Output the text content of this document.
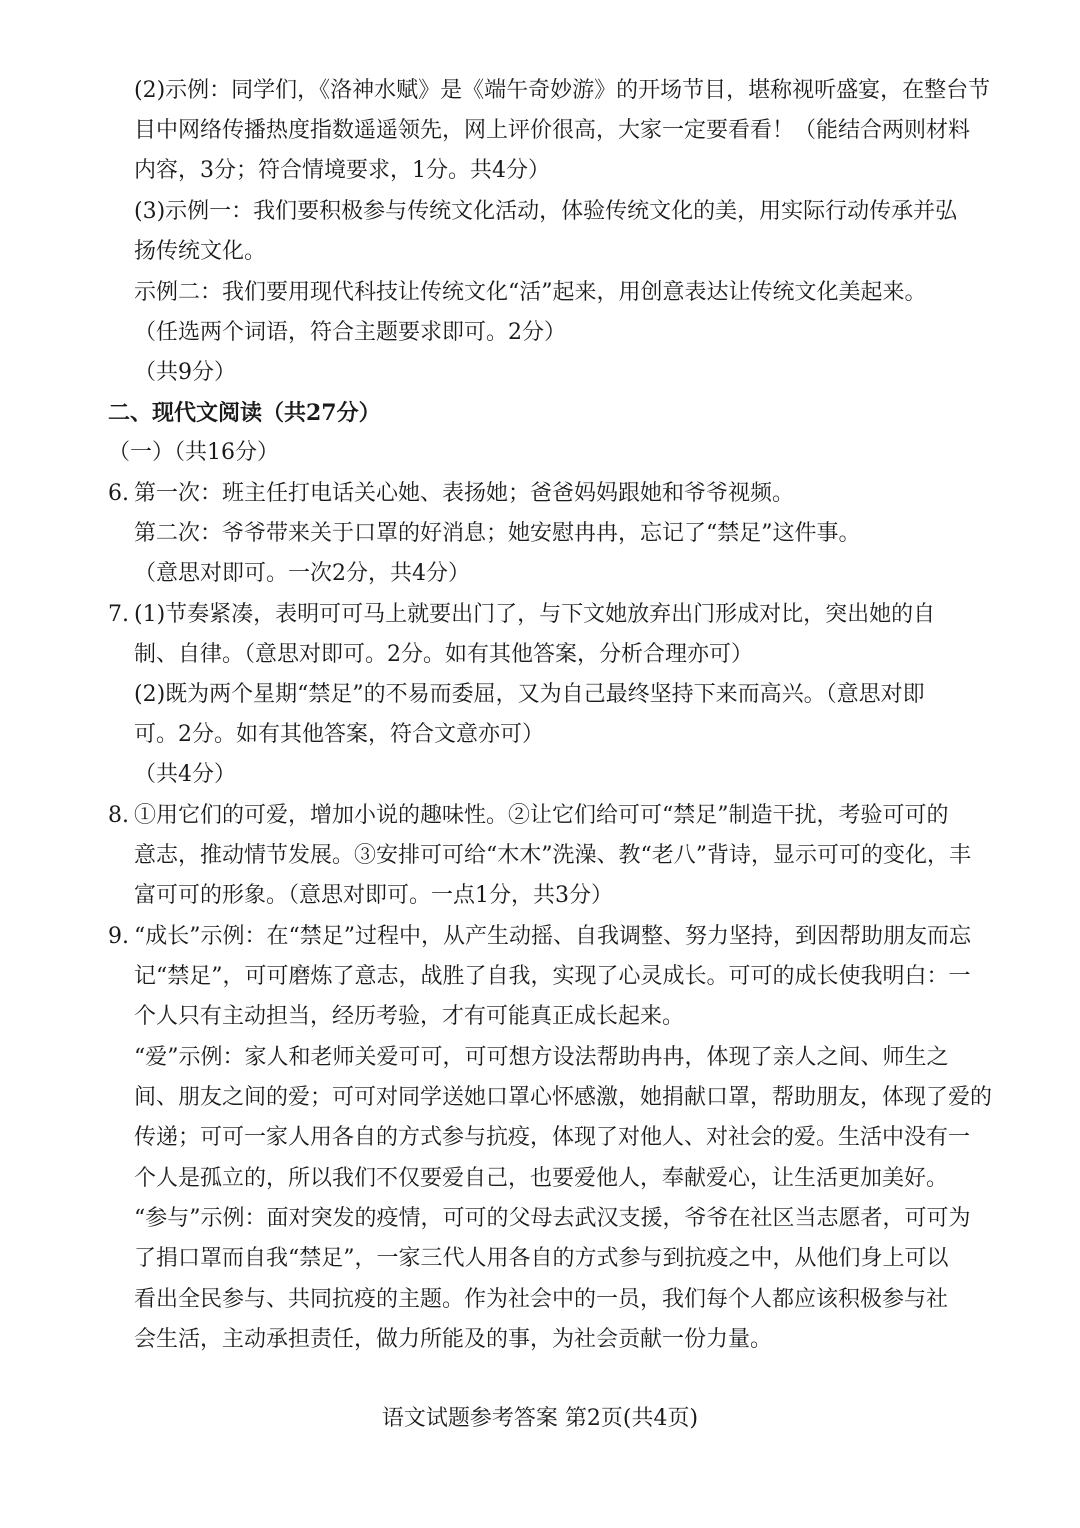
(2)示例：同学们，《洛神水赋》是《端午奇妙游》的开场节目，堪称视听盛宴，在整台节
目中网络传播热度指数遥遥领先，网上评价很高，大家一定要看看！（能结合两则材料
内容，3分；符合情境要求，1分。共4分）
(3)示例一：我们要积极参与传统文化活动，体验传统文化的美，用实际行动传承并弘
扬传统文化。
示例二：我们要用现代科技让传统文化“活”起来，用创意表达让传统文化美起来。
（任选两个词语，符合主题要求即可。2分）
（共9分）
二、现代文阅读（共27分）
（一）（共16分）
6. 第一次：班主任打电话关心她、表扬她；爸爸妈妈跟她和爷爷视频。
第二次：爷爷带来关于口罩的好消息；她安慰冉冉，忘记了“禁足”这件事。
（意思对即可。一次2分，共4分）
7. (1)节奏紧凑，表明可可马上就要出门了，与下文她放弃出门形成对比，突出她的自
制、自律。（意思对即可。2分。如有其他答案，分析合理亦可）
(2)既为两个星期“禁足”的不易而委屈，又为自己最终坚持下来而高兴。（意思对即
可。2分。如有其他答案，符合文意亦可）
（共4分）
8. ①用它们的可爱，增加小说的趣味性。②让它们给可可“禁足”制造干扰，考验可可的
意志，推动情节发展。③安排可可给“木木”洗澡、教“老八”背诗，显示可可的变化，丰
富可可的形象。（意思对即可。一点1分，共3分）
9. “成长”示例：在“禁足”过程中，从产生动摇、自我调整、努力坚持，到因帮助朋友而忘
记“禁足”，可可磨炼了意志，战胜了自我，实现了心灵成长。可可的成长使我明白：一
个人只有主动担当，经历考验，才有可能真正成长起来。
“爱”示例：家人和老师关爱可可，可可想方设法帮助冉冉，体现了亲人之间、师生之
间、朋友之间的爱；可可对同学送她口罩心怀感激，她捐献口罩，帮助朋友，体现了爱的
传递；可可一家人用各自的方式参与抗疫，体现了对他人、对社会的爱。生活中没有一
个人是孤立的，所以我们不仅要爱自己，也要爱他人，奉献爱心，让生活更加美好。
“参与”示例：面对突发的疫情，可可的父母去武汉支援，爷爷在社区当志愿者，可可为
了捐口罩而自我“禁足”，一家三代人用各自的方式参与到抗疫之中，从他们身上可以
看出全民参与、共同抗疫的主题。作为社会中的一员，我们每个人都应该积极参与社
会生活，主动承担责任，做力所能及的事，为社会贡献一份力量。
语文试题参考答案 第2页(共4页)
